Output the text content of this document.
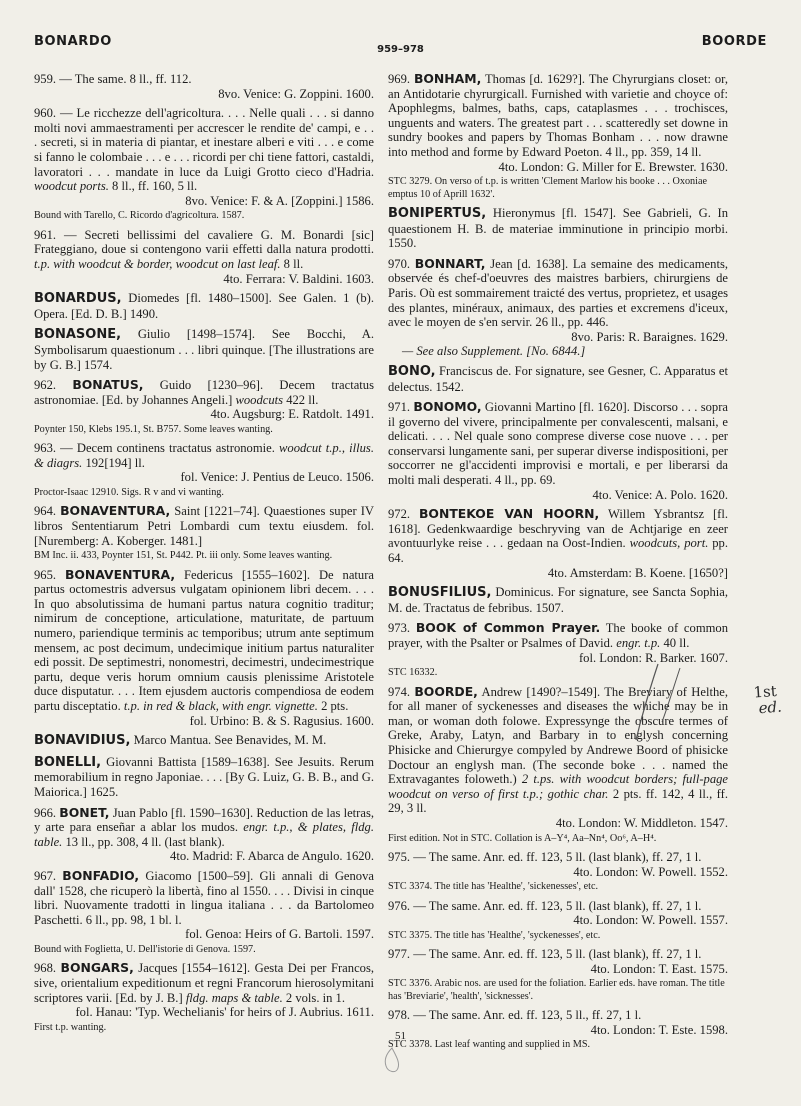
BONARDO
959–978
BOORDE
959. — The same. 8 ll., ff. 112.
8vo. Venice: G. Zoppini. 1600.
960. — Le ricchezze dell'agricoltura. . . . Nelle quali . . . si danno molti novi ammaestramenti per accrescer le rendite de' campi, e . . . secreti, si in materia di piantar, et inestare alberi e viti . . . e come si fanno le colombaie . . . e . . . ricordi per chi tiene fattori, castaldi, lavoratori . . . mandate in luce da Luigi Grotto cieco d'Hadria. woodcut ports. 8 ll., ff. 160, 5 ll.
8vo. Venice: F. & A. [Zoppini.] 1586.
Bound with Tarello, C. Ricordo d'agricoltura. 1587.
961. — Secreti bellissimi del cavaliere G. M. Bonardi [sic] Frateggiano, doue si contengono varii effetti dalla natura prodotti. t.p. with woodcut & border, woodcut on last leaf. 8 ll.
4to. Ferrara: V. Baldini. 1603.
BONARDUS, Diomedes [fl. 1480–1500]. See Galen. 1 (b). Opera. [Ed. D. B.] 1490.
BONASONE, Giulio [1498–1574]. See Bocchi, A. Symbolisarum quaestionum . . . libri quinque. [The illustrations are by G. B.] 1574.
962. BONATUS, Guido [1230–96]. Decem tractatus astronomiae. [Ed. by Johannes Angeli.] woodcuts 422 ll.
4to. Augsburg: E. Ratdolt. 1491.
Poynter 150, Klebs 195.1, St. B757. Some leaves wanting.
963. — Decem continens tractatus astronomie. woodcut t.p., illus. & diagrs. 192[194] ll.
fol. Venice: J. Pentius de Leuco. 1506.
Proctor-Isaac 12910. Sigs. R v and vi wanting.
964. BONAVENTURA, Saint [1221–74]. Quaestiones super IV libros Sententiarum Petri Lombardi cum textu eiusdem. fol. [Nuremberg: A. Koberger. 1481.]
BM Inc. ii. 433, Poynter 151, St. P442. Pt. iii only. Some leaves wanting.
965. BONAVENTURA, Federicus [1555–1602]. De natura partus octomestris adversus vulgatam opinionem libri decem. . . . In quo absolutissima de humani partus natura cognitio traditur; nimirum de conceptione, articulatione, maturitate, de partuum numero, pariendique terminis ac temporibus; utrum ante septimum mensem, ac post decimum, undecimique initium partus naturaliter edi possit. De septimestri, nonomestri, decimestri, undecimestrique partu, deque veris horum omnium causis plenissime Aristotele duce disputatur. . . . Item ejusdem auctoris compendiosa de eodem partu disceptatio. t.p. in red & black, with engr. vignette. 2 pts.
fol. Urbino: B. & S. Ragusius. 1600.
BONAVIDIUS, Marco Mantua. See Benavides, M. M.
BONELLI, Giovanni Battista [1589–1638]. See Jesuits. Rerum memorabilium in regno Japoniae. . . . [By G. Luiz, G. B. B., and G. Maiorica.] 1625.
966. BONET, Juan Pablo [fl. 1590–1630]. Reduction de las letras, y arte para enseñar a ablar los mudos. engr. t.p., & plates, fldg. table. 13 ll., pp. 308, 4 ll. (last blank).
4to. Madrid: F. Abarca de Angulo. 1620.
967. BONFADIO, Giacomo [1500–59]. Gli annali di Genova dall' 1528, che ricuperò la libertà, fino al 1550. . . . Divisi in cinque libri. Nuovamente tradotti in lingua italiana . . . da Bartolomeo Paschetti. 6 ll., pp. 98, 1 bl. l.
fol. Genoa: Heirs of G. Bartoli. 1597.
Bound with Foglietta, U. Dell'istorie di Genova. 1597.
968. BONGARS, Jacques [1554–1612]. Gesta Dei per Francos, sive, orientalium expeditionum et regni Francorum hierosolymitani scriptores varii. [Ed. by J. B.] fldg. maps & table. 2 vols. in 1.
fol. Hanau: 'Typ. Wechelianis' for heirs of J. Aubrius. 1611.
First t.p. wanting.
969. BONHAM, Thomas [d. 1629?]. The Chyrurgians closet: or, an Antidotarie chyrurgicall. Furnished with varietie and choyce of: Apophlegms, balmes, baths, caps, cataplasmes . . . trochisces, unguents and waters. The greatest part . . . scatteredly set downe in sundry bookes and papers by Thomas Bonham . . . now drawne into method and forme by Edward Poeton. 4 ll., pp. 359, 14 ll.
4to. London: G. Miller for E. Brewster. 1630.
STC 3279. On verso of t.p. is written 'Clement Marlow his booke . . . Oxoniae emptus 10 of Aprill 1632'.
BONIPERTUS, Hieronymus [fl. 1547]. See Gabrieli, G. In quaestionem H. B. de materiae imminutione in principio morbi. 1550.
970. BONNART, Jean [d. 1638]. La semaine des medicaments, observée és chef-d'oeuvres des maistres barbiers, chirurgiens de Paris. Où est sommairement traicté des vertus, proprietez, et usages des plantes, minéraux, animaux, des parties et excremens d'iceux, avec le moyen de s'en servir. 26 ll., pp. 446.
8vo. Paris: R. Baraignes. 1629.
— See also Supplement. [No. 6844.]
BONO, Franciscus de. For signature, see Gesner, C. Apparatus et delectus. 1542.
971. BONOMO, Giovanni Martino [fl. 1620]. Discorso . . . sopra il governo del vivere, principalmente per convalescenti, malsani, e delicati. . . . Nel quale sono comprese diverse cose nuove . . . per conservarsi lungamente sani, per superar diverse indispositioni, per soccorrer ne gl'accidenti improvisi e mortali, e per liberarsi da molti mali desperati. 4 ll., pp. 69.
4to. Venice: A. Polo. 1620.
972. BONTEKOE VAN HOORN, Willem Ysbrantsz [fl. 1618]. Gedenkwaardige beschryving van de Achtjarige en zeer avontuurlyke reise . . . gedaan na Oost-Indien. woodcuts, port. pp. 64.
4to. Amsterdam: B. Koene. [1650?]
BONUSFILIUS, Dominicus. For signature, see Sancta Sophia, M. de. Tractatus de febribus. 1507.
973. BOOK of Common Prayer. The booke of common prayer, with the Psalter or Psalmes of David. engr. t.p. 40 ll.
fol. London: R. Barker. 1607.
STC 16332.
974. BOORDE, Andrew [1490?–1549]. The Breviary of Helthe, for all maner of syckenesses and diseases the whiche may be in man, or woman doth folowe. Expressynge the obscure termes of Greke, Araby, Latyn, and Barbary in to englysh concerning Phisicke and Chierurgye compyled by Andrewe Boord of phisicke Doctour an englysh man. (The seconde boke . . . named the Extravagantes foloweth.) 2 t.ps. with woodcut borders; full-page woodcut on verso of first t.p.; gothic char. 2 pts. ff. 142, 4 ll., ff. 29, 3 ll.
4to. London: W. Middleton. 1547.
First edition. Not in STC. Collation is A–Y⁴, Aa–Nn⁴, Oo⁶, A–H⁴.
975. — The same. Anr. ed. ff. 123, 5 ll. (last blank), ff. 27, 1 l.
4to. London: W. Powell. 1552.
STC 3374. The title has 'Healthe', 'sickenesses', etc.
976. — The same. Anr. ed. ff. 123, 5 ll. (last blank), ff. 27, 1 l.
4to. London: W. Powell. 1557.
STC 3375. The title has 'Healthe', 'syckenesses', etc.
977. — The same. Anr. ed. ff. 123, 5 ll. (last blank), ff. 27, 1 l.
4to. London: T. East. 1575.
STC 3376. Arabic nos. are used for the foliation. Earlier eds. have roman. The title has 'Breviarie', 'health', 'sicknesses'.
978. — The same. Anr. ed. ff. 123, 5 ll., ff. 27, 1 l.
4to. London: T. Este. 1598.
STC 3378. Last leaf wanting and supplied in MS.
1st
ed.
51
